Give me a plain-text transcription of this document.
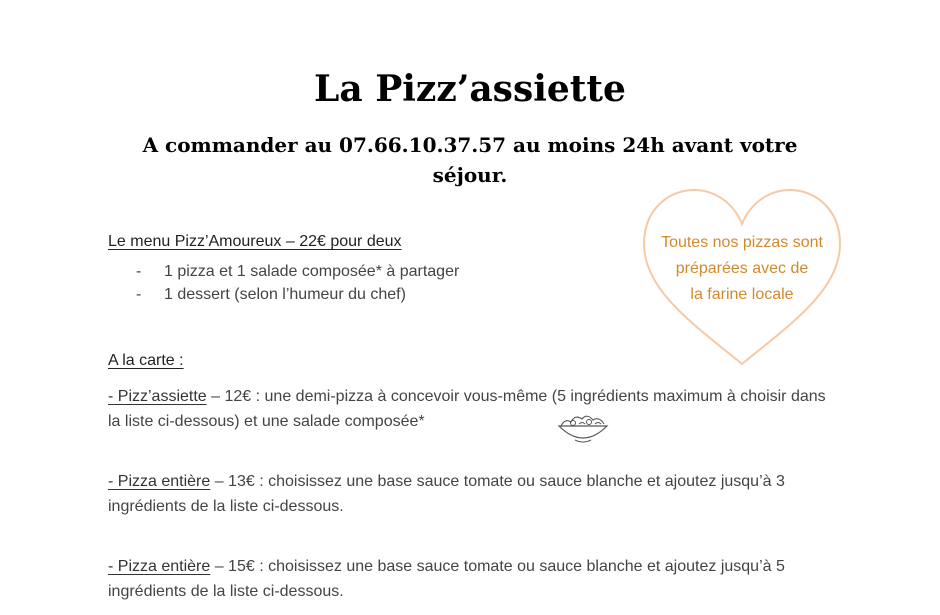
La Pizz’assiette
A commander au 07.66.10.37.57 au moins 24h avant votre séjour.
Toutes nos pizzas sont
préparées avec de
la farine locale
Le menu Pizz’Amoureux – 22€ pour deux
- 1 pizza et 1 salade composée* à partager
- 1 dessert (selon l’humeur du chef)
A la carte :
- Pizz’assiette – 12€ : une demi-pizza à concevoir vous-même (5 ingrédients maximum à choisir dans la liste ci-dessous) et une salade composée*
- Pizza entière – 13€ : choisissez une base sauce tomate ou sauce blanche et ajoutez jusqu’à 3 ingrédients de la liste ci-dessous.
- Pizza entière – 15€ : choisissez une base sauce tomate ou sauce blanche et ajoutez jusqu’à 5 ingrédients de la liste ci-dessous.
